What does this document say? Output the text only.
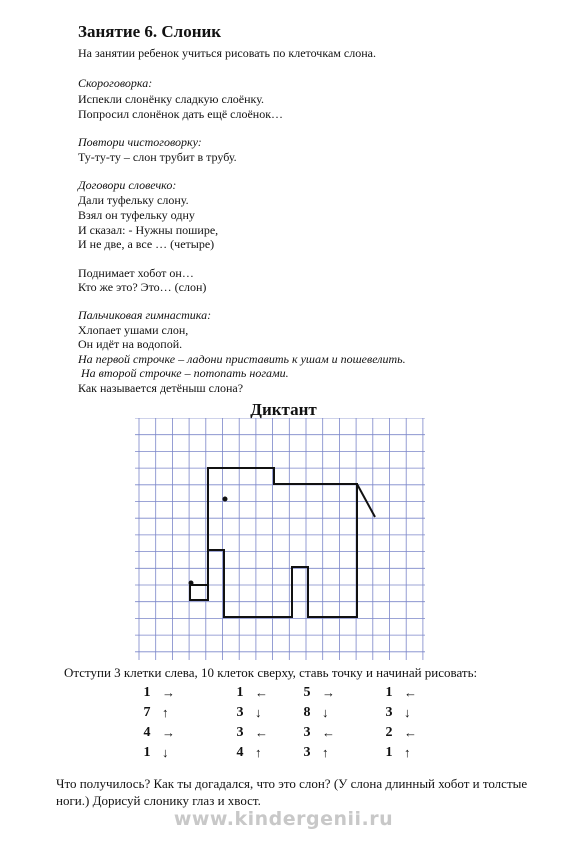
Занятие 6. Слоник
На занятии ребенок учиться рисовать по клеточкам слона.
Скороговорка:
Испекли слонёнку сладкую слоёнку.
Попросил слонёнок дать ещё слоёнок…
Повтори чистоговорку:
Ту-ту-ту – слон трубит в трубу.
Договори словечко:
Дали туфельку слону.
Взял он туфельку одну
И сказал: - Нужны пошире,
И не две, а все … (четыре)
Поднимает хобот он…
Кто же это? Это… (слон)
Пальчиковая гимнастика:
Хлопает ушами слон,
Он идёт на водопой.
На первой строчке – ладони приставить к ушам и пошевелить.
На второй строчке – потопать ногами.
Как называется детёныш слона?
Диктант
Отступи 3 клетки слева, 10 клеток сверху, ставь точку и начинай рисовать:
1 →
7 ↑
4 →
1 ↓
1 ←
3 ↓
3 ←
4 ↑
5 →
8 ↓
3 ←
3 ↑
1 ←
3 ↓
2 ←
1 ↑
Что получилось? Как ты догадался, что это слон? (У слона длинный хобот и толстые ноги.) Дорисуй слонику глаз и хвост.
www.kindergenii.ru
